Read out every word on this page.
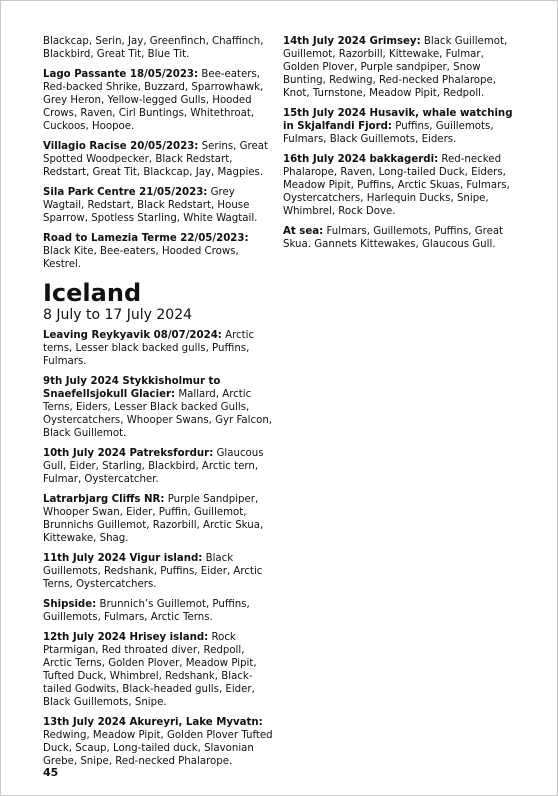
Blackcap, Serin, Jay, Greenfinch, Chaffinch, Blackbird, Great Tit, Blue Tit.

Lago Passante 18/05/2023: Bee-eaters, Red-backed Shrike, Buzzard, Sparrowhawk, Grey Heron, Yellow-legged Gulls, Hooded Crows, Raven, Cirl Buntings, Whitethroat, Cuckoos, Hoopoe.

Villagio Racise 20/05/2023: Serins, Great Spotted Woodpecker, Black Redstart, Redstart, Great Tit, Blackcap, Jay, Magpies.

Sila Park Centre 21/05/2023: Grey Wagtail, Redstart, Black Redstart, House Sparrow, Spotless Starling, White Wagtail.

Road to Lamezia Terme 22/05/2023: Black Kite, Bee-eaters, Hooded Crows, Kestrel.

Iceland
8 July to 17 July 2024

Leaving Reykyavik 08/07/2024: Arctic terns, Lesser black backed gulls, Puffins, Fulmars.

9th July 2024 Stykkisholmur to Snaefellsjokull Glacier: Mallard, Arctic Terns, Eiders, Lesser Black backed Gulls, Oystercatchers, Whooper Swans, Gyr Falcon, Black Guillemot.

10th July 2024 Patreksfordur: Glaucous Gull, Eider, Starling, Blackbird, Arctic tern, Fulmar, Oystercatcher.

Latrarbjarg Cliffs NR: Purple Sandpiper, Whooper Swan, Eider, Puffin, Guillemot, Brunnichs Guillemot, Razorbill, Arctic Skua, Kittewake, Shag.

11th July 2024 Vigur island: Black Guillemots, Redshank, Puffins, Eider, Arctic Terns, Oystercatchers.

Shipside: Brunnich’s Guillemot, Puffins, Guillemots, Fulmars, Arctic Terns.

12th July 2024 Hrisey island: Rock Ptarmigan, Red throated diver, Redpoll, Arctic Terns, Golden Plover, Meadow Pipit, Tufted Duck, Whimbrel, Redshank, Black-tailed Godwits, Black-headed gulls, Eider, Black Guillemots, Snipe.

13th July 2024 Akureyri, Lake Myvatn: Redwing, Meadow Pipit, Golden Plover Tufted Duck, Scaup, Long-tailed duck, Slavonian Grebe, Snipe, Red-necked Phalarope.

14th July 2024 Grimsey: Black Guillemot, Guillemot, Razorbill, Kittewake, Fulmar, Golden Plover, Purple sandpiper, Snow Bunting, Redwing, Red-necked Phalarope, Knot, Turnstone, Meadow Pipit, Redpoll.

15th July 2024 Husavik, whale watching in Skjalfandi Fjord: Puffins, Guillemots, Fulmars, Black Guillemots, Eiders.

16th July 2024 bakkagerdi: Red-necked Phalarope, Raven, Long-tailed Duck, Eiders, Meadow Pipit, Puffins, Arctic Skuas, Fulmars, Oystercatchers, Harlequin Ducks, Snipe, Whimbrel, Rock Dove.

At sea: Fulmars, Guillemots, Puffins, Great Skua. Gannets Kittewakes, Glaucous Gull.

45
